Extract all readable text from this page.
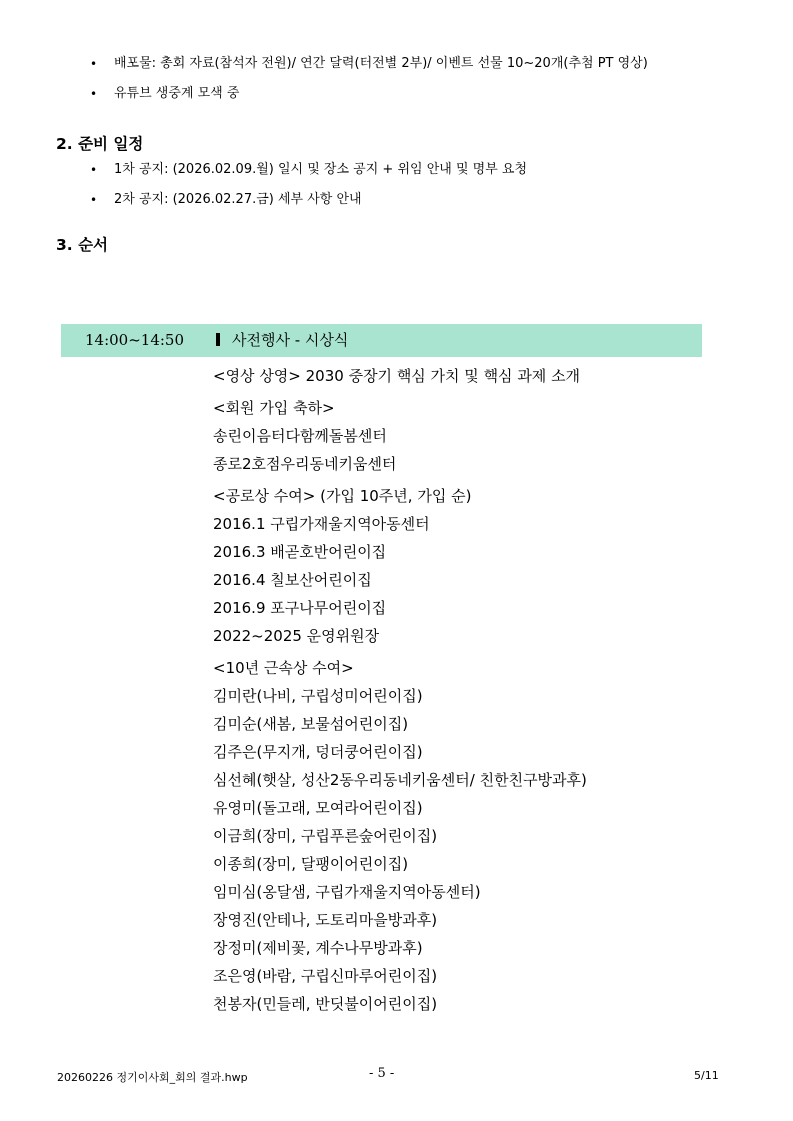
• 배포물: 총회 자료(참석자 전원)/ 연간 달력(터전별 2부)/ 이벤트 선물 10~20개(추첨 PT 영상)
• 유튜브 생중계 모색 중
2. 준비 일정
• 1차 공지: (2026.02.09.월) 일시 및 장소 공지 + 위임 안내 및 명부 요청
• 2차 공지: (2026.02.27.금) 세부 사항 안내
3. 순서
14:00~14:50	사전행사 - 시상식
<영상 상영> 2030 중장기 핵심 가치 및 핵심 과제 소개
<회원 가입 축하>
송린이음터다함께돌봄센터
종로2호점우리동네키움센터
<공로상 수여> (가입 10주년, 가입 순)
2016.1 구립가재울지역아동센터
2016.3 배곧호반어린이집
2016.4 칠보산어린이집
2016.9 포구나무어린이집
2022~2025 운영위원장
<10년 근속상 수여>
김미란(나비, 구립성미어린이집)
김미순(새봄, 보물섬어린이집)
김주은(무지개, 덩더쿵어린이집)
심선혜(햇살, 성산2동우리동네키움센터/ 친한친구방과후)
유영미(돌고래, 모여라어린이집)
이금희(장미, 구립푸른숲어린이집)
이종희(장미, 달팽이어린이집)
임미심(옹달샘, 구립가재울지역아동센터)
장영진(안테나, 도토리마을방과후)
장정미(제비꽃, 계수나무방과후)
조은영(바람, 구립신마루어린이집)
천봉자(민들레, 반딧불이어린이집)
20260226 정기이사회_회의 결과.hwp	- 5 -	5/11
